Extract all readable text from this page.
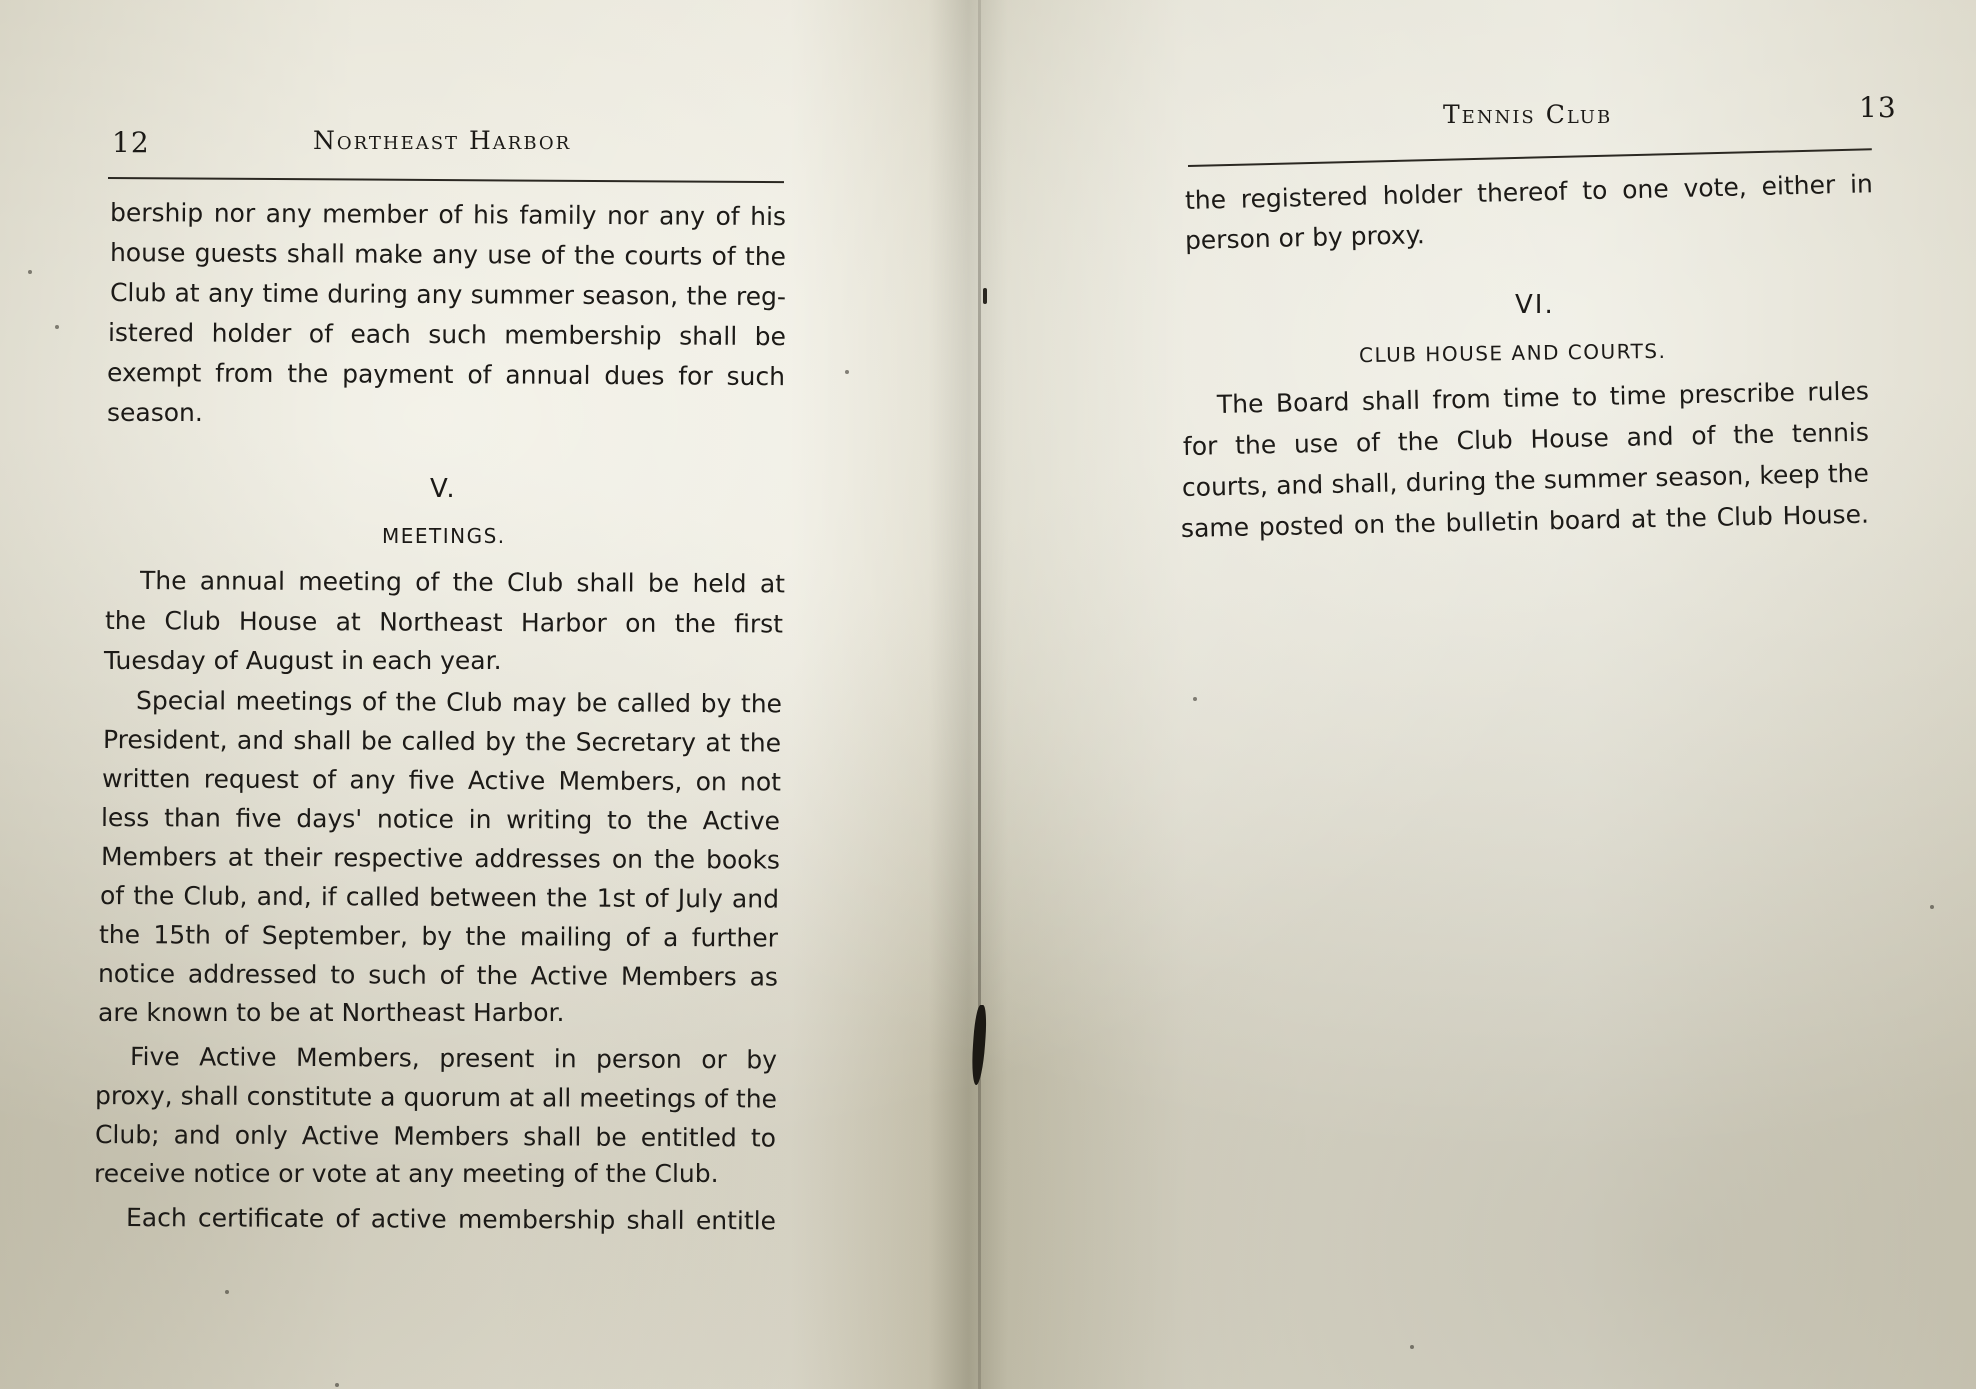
12	Northeast Harbor
bership nor any member of his family nor any of his
house guests shall make any use of the courts of the
Club at any time during any summer season, the reg-
istered holder of each such membership shall be
exempt from the payment of annual dues for such
season.
V.
MEETINGS.
The annual meeting of the Club shall be held at
the Club House at Northeast Harbor on the first
Tuesday of August in each year.
Special meetings of the Club may be called by the
President, and shall be called by the Secretary at the
written request of any five Active Members, on not
less than five days' notice in writing to the Active
Members at their respective addresses on the books
of the Club, and, if called between the 1st of July and
the 15th of September, by the mailing of a further
notice addressed to such of the Active Members as
are known to be at Northeast Harbor.
Five Active Members, present in person or by
proxy, shall constitute a quorum at all meetings of the
Club; and only Active Members shall be entitled to
receive notice or vote at any meeting of the Club.
Each certificate of active membership shall entitle
Tennis Club	13
the registered holder thereof to one vote, either in
person or by proxy.
VI.
CLUB HOUSE AND COURTS.
The Board shall from time to time prescribe rules
for the use of the Club House and of the tennis
courts, and shall, during the summer season, keep the
same posted on the bulletin board at the Club House.
